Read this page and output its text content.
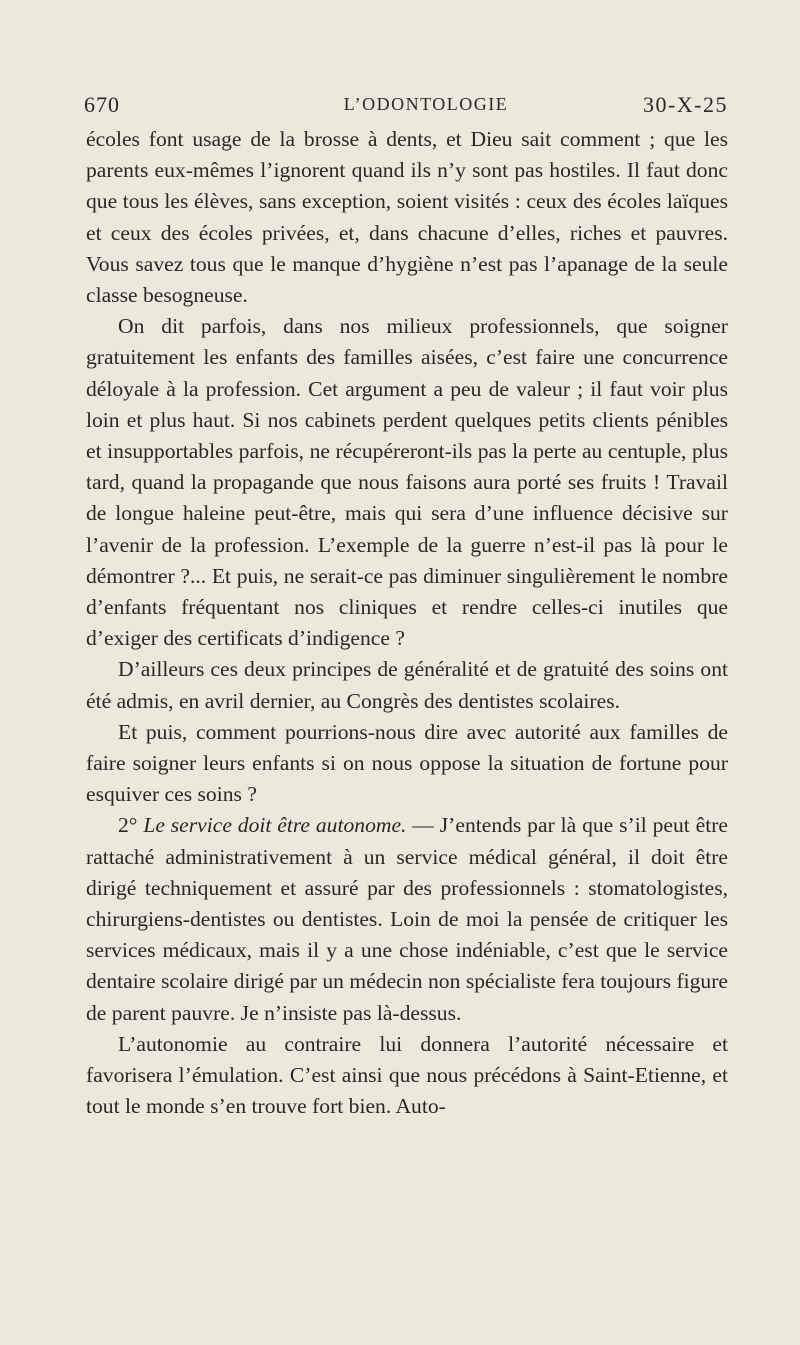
670	L’ODONTOLOGIE	30-X-25

écoles font usage de la brosse à dents, et Dieu sait comment ; que les parents eux-mêmes l’ignorent quand ils n’y sont pas hostiles. Il faut donc que tous les élèves, sans exception, soient visités : ceux des écoles laïques et ceux des écoles privées, et, dans chacune d’elles, riches et pauvres. Vous savez tous que le manque d’hygiène n’est pas l’apanage de la seule classe besogneuse.

On dit parfois, dans nos milieux professionnels, que soigner gratuitement les enfants des familles aisées, c’est faire une concurrence déloyale à la profession. Cet argument a peu de valeur ; il faut voir plus loin et plus haut. Si nos cabinets perdent quelques petits clients pénibles et insupportables parfois, ne récupéreront-ils pas la perte au centuple, plus tard, quand la propagande que nous faisons aura porté ses fruits ! Travail de longue haleine peut-être, mais qui sera d’une influence décisive sur l’avenir de la profession. L’exemple de la guerre n’est-il pas là pour le démontrer ?... Et puis, ne serait-ce pas diminuer singulièrement le nombre d’enfants fréquentant nos cliniques et rendre celles-ci inutiles que d’exiger des certificats d’indigence ?

D’ailleurs ces deux principes de généralité et de gratuité des soins ont été admis, en avril dernier, au Congrès des dentistes scolaires.

Et puis, comment pourrions-nous dire avec autorité aux familles de faire soigner leurs enfants si on nous oppose la situation de fortune pour esquiver ces soins ?

2° Le service doit être autonome. — J’entends par là que s’il peut être rattaché administrativement à un service médical général, il doit être dirigé techniquement et assuré par des professionnels : stomatologistes, chirurgiens-dentistes ou dentistes. Loin de moi la pensée de critiquer les services médicaux, mais il y a une chose indéniable, c’est que le service dentaire scolaire dirigé par un médecin non spécialiste fera toujours figure de parent pauvre. Je n’insiste pas là-dessus.

L’autonomie au contraire lui donnera l’autorité nécessaire et favorisera l’émulation. C’est ainsi que nous précédons à Saint-Etienne, et tout le monde s’en trouve fort bien. Auto-
